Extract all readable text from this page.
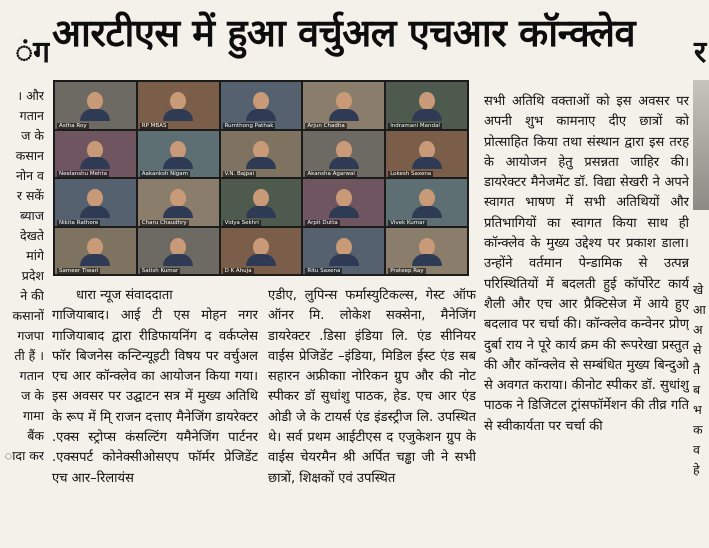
ंग आरटीएस में हुआ वर्चुअल एचआर कॉन्क्लेव र
। और
गतान
ज के
कसान
नोन व
र सकें
ब्याज
देखते
मांगे
प्रदेश
ने की
कसानों
गजपा
ती हैं ।
गतान
ज के
गामा
बैंक
ादा कर
Astha Roy	RP MBAS	Rumthong Pathak	Arjun Chadha	Indramani Mandal
Neelanshu Mehta	Aakanksh Nigam	V.N. Bajpai	Akansha Agarwal	Lokesh Saxena
Nikita Rathore	Charu Chaudhry	Vidya Sekhri	Arpit Dutta	Vivek Kumar
Sameer Tiwari	Satish Kumar	D K Ahuja	Ritu Saxena	Prateep Ray
धारा न्यूज संवाददाता

गाजियाबाद। आई टी एस मोहन नगर गाजियाबाद द्वारा रीडिफायनिंग द वर्कप्लेस फॉर बिजनेस कन्टिन्यूइटी विषय पर वर्चुअल एच आर कॉन्क्लेव का आयोजन किया गया। इस अवसर पर उद्घाटन सत्र में मुख्य अतिथि के रूप में मि् राजन दत्ताए मैनेजिंग डायरेक्टर .एक्स स्ट्रोप्स कंसल्टिंग यमैनेजिंग पार्टनर .एक्सपर्ट कोनेक्सीओसएप फॉर्मर प्रेजिडेंट एच आर–रिलायंस

एडीए, लुपिन्स फर्मास्युटिकल्स, गेस्ट ऑफ ऑनर मि. लोकेश सक्सेना, मैनेजिंग डायरेक्टर .डिसा इंडिया लि. एंड सीनियर वाईस प्रेजिडेंट –इंडिया, मिडिल ईस्ट एंड सब सहारन अफ्रीकाा नोरिकन ग्रुप और की नोट स्पीकर डॉ सुधांशु पाठक, हेड. एच आर एंड ओडी जे के टायर्स एंड इंडस्ट्रीज लि. उपस्थित थे। सर्व प्रथम आईटीएस द एजुकेशन ग्रुप के वाईस चेयरमैन श्री अर्पित चड्ढा जी ने सभी छात्रों, शिक्षकों एवं उपस्थित

सभी अतिथि वक्ताओं को इस अवसर पर अपनी शुभ कामनाए दीए छात्रों को प्रोत्साहित किया तथा संस्थान द्वारा इस तरह के आयोजन हेतु प्रसन्नता जाहिर की। डायरेक्टर मैनेजमेंट डॉ. विद्या सेखरी ने अपने स्वागत भाषण में सभी अतिथियों और प्रतिभागियों का स्वागत किया साथ ही कॉन्क्लेव के मुख्य उद्देश्य पर प्रकाश डाला। उन्होंने वर्तमान पेन्डामिक से उत्पन्न परिस्थितियों में बदलती हुई कॉर्पोरेट कार्य शैली और एच आर प्रैक्टिसेज में आये हुए बदलाव पर चर्चा की। कॉन्क्लेव कन्वेनर प्रोण् दुर्बा राय ने पूरे कार्य क्रम की रूपरेखा प्रस्तुत की और कॉन्क्लेव से सम्बंधित मुख्य बिन्दुओ से अवगत कराया। कीनोट स्पीकर डॉ. सुधांशु पाठक ने डिजिटल ट्रांसफॉर्मेशन की तीव्र गति से स्वीकार्यता पर चर्चा की

खे
आ
अ
से
तै
ब
भ
क
व
हे
